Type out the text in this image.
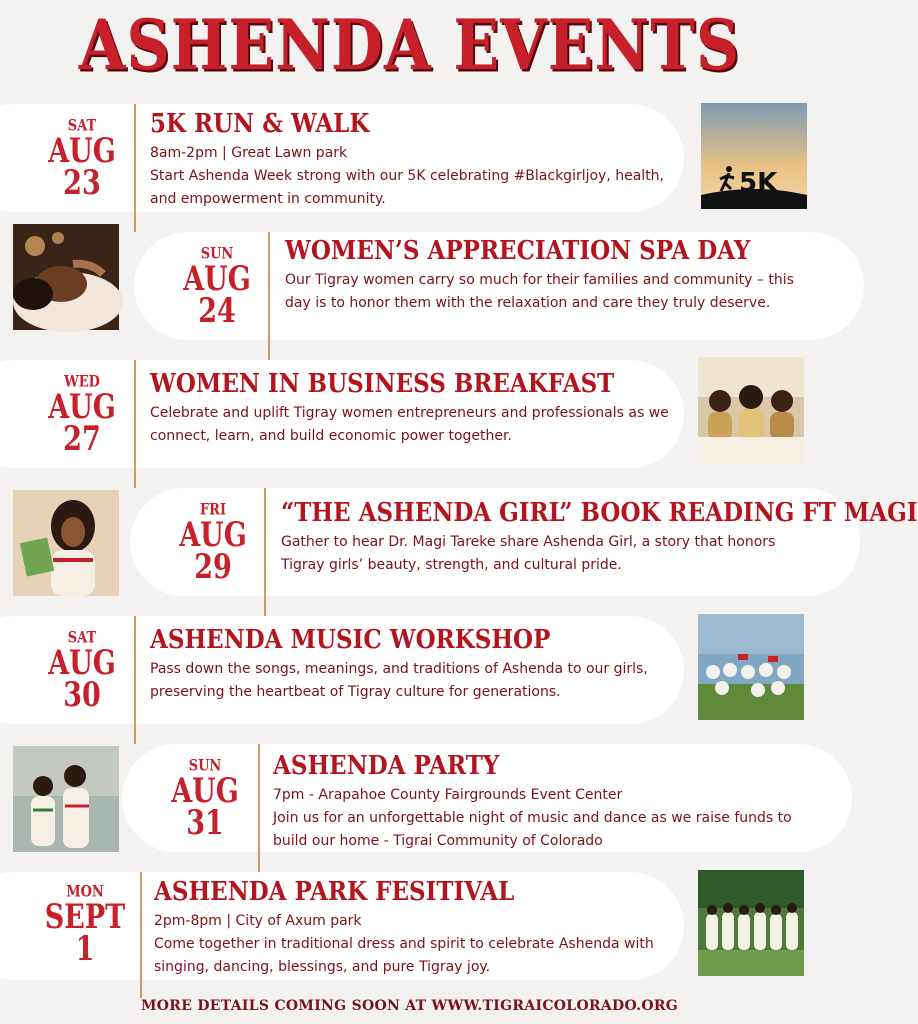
ASHENDA EVENTS
SAT
AUG
23
5K RUN & WALK

8am-2pm | Great Lawn park

Start Ashenda Week strong with our 5K celebrating #Blackgirljoy, health, and empowerment in community.

5K
SUN
AUG
24
WOMEN’S APPRECIATION SPA DAY

Our Tigray women carry so much for their families and community – this day is to honor them with the relaxation and care they truly deserve.

WED
AUG
27
WOMEN IN BUSINESS BREAKFAST

Celebrate and uplift Tigray women entrepreneurs and professionals as we connect, learn, and build economic power together.

FRI
AUG
29
“THE ASHENDA GIRL” BOOK READING FT MAGI

Gather to hear Dr. Magi Tareke share Ashenda Girl, a story that honors Tigray girls’ beauty, strength, and cultural pride.

SAT
AUG
30
ASHENDA MUSIC WORKSHOP

Pass down the songs, meanings, and traditions of Ashenda to our girls, preserving the heartbeat of Tigray culture for generations.

SUN
AUG
31
ASHENDA PARTY

7pm - Arapahoe County Fairgrounds Event Center

Join us for an unforgettable night of music and dance as we raise funds to build our home - Tigrai Community of Colorado

MON
SEPT
1
ASHENDA PARK FESITIVAL

2pm-8pm | City of Axum park

Come together in traditional dress and spirit to celebrate Ashenda with singing, dancing, blessings, and pure Tigray joy.

MORE DETAILS COMING SOON AT WWW.TIGRAICOLORADO.ORG
